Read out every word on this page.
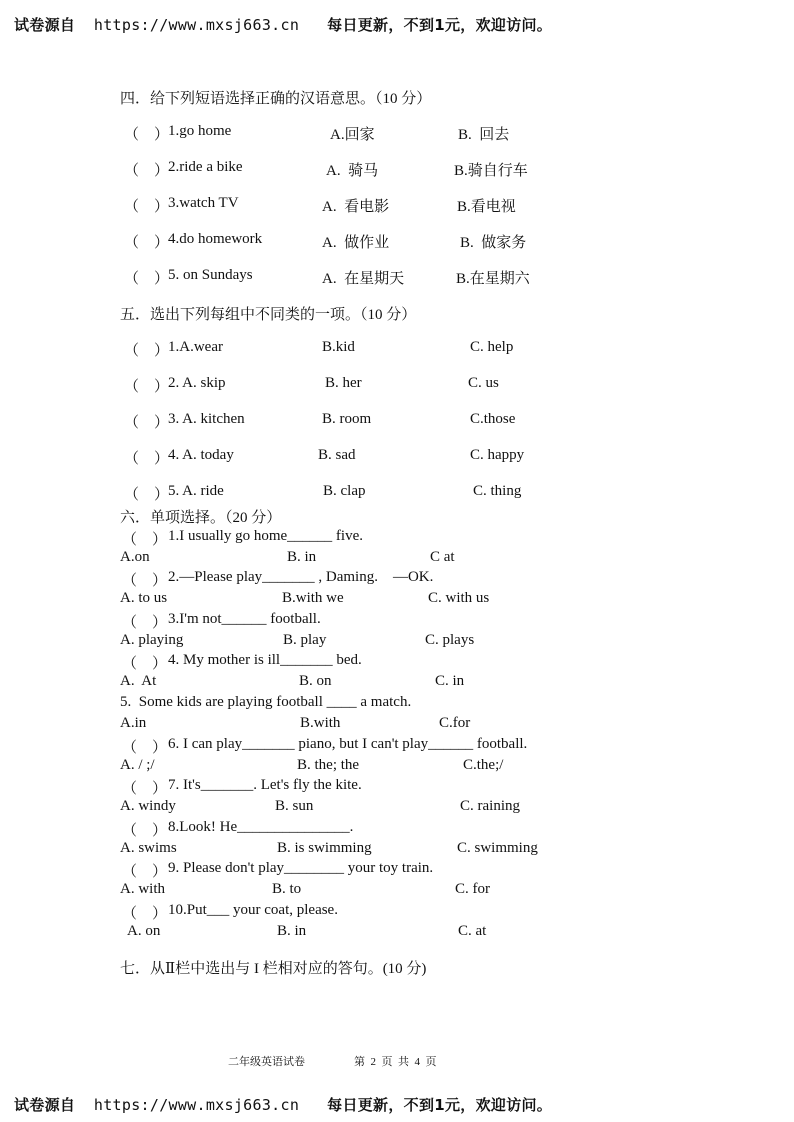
试卷源自 https://www.mxsj663.cn 每日更新，不到1元，欢迎访问。
四．给下列短语选择正确的汉语意思。（10 分）
（　）
1.go home	A.回家	B.  回去
（　）
2.ride a bike	A.  骑马	B.骑自行车
（　）
3.watch TV	A.  看电影	B.看电视
（　）
4.do homework	A.  做作业	B.  做家务
（　）
5. on Sundays	A.  在星期天	B.在星期六
五．选出下列每组中不同类的一项。（10 分）
（　）
1.A.wear	B.kid	C. help
（　）
2. A. skip	B. her	C. us
（　）
3. A. kitchen	B. room	C.those
（　）
4. A. today	B. sad	C. happy
（　）
5. A. ride	B. clap	C. thing
六．单项选择。（20 分）
（　） 1.I usually go home______ five.
A.on	B. in	C at
（　） 2.—Please play_______ , Daming.    —OK.
A. to us	B.with we	C. with us
（　） 3.I'm not______ football.
A. playing	B. play	C. plays
（　） 4. My mother is ill_______ bed.
A.  At	B. on	C. in
5.  Some kids are playing football ____ a match.
A.in	B.with	C.for
（　） 6. I can play_______ piano, but I can't play______ football.
A. / ;/	B. the; the	C.the;/
（　） 7. It's_______. Let's fly the kite.
A. windy	B. sun	C. raining
（　） 8.Look! He_______________.
A. swims	B. is swimming	C. swimming
（　） 9. Please don't play________ your toy train.
A. with	B. to	C. for
（　） 10.Put___ your coat, please.
A. on	B. in	C. at
七．从Ⅱ栏中选出与 I 栏相对应的答句。(10 分)
二年级英语试卷	第  2  页  共  4  页
试卷源自 https://www.mxsj663.cn 每日更新，不到1元，欢迎访问。
